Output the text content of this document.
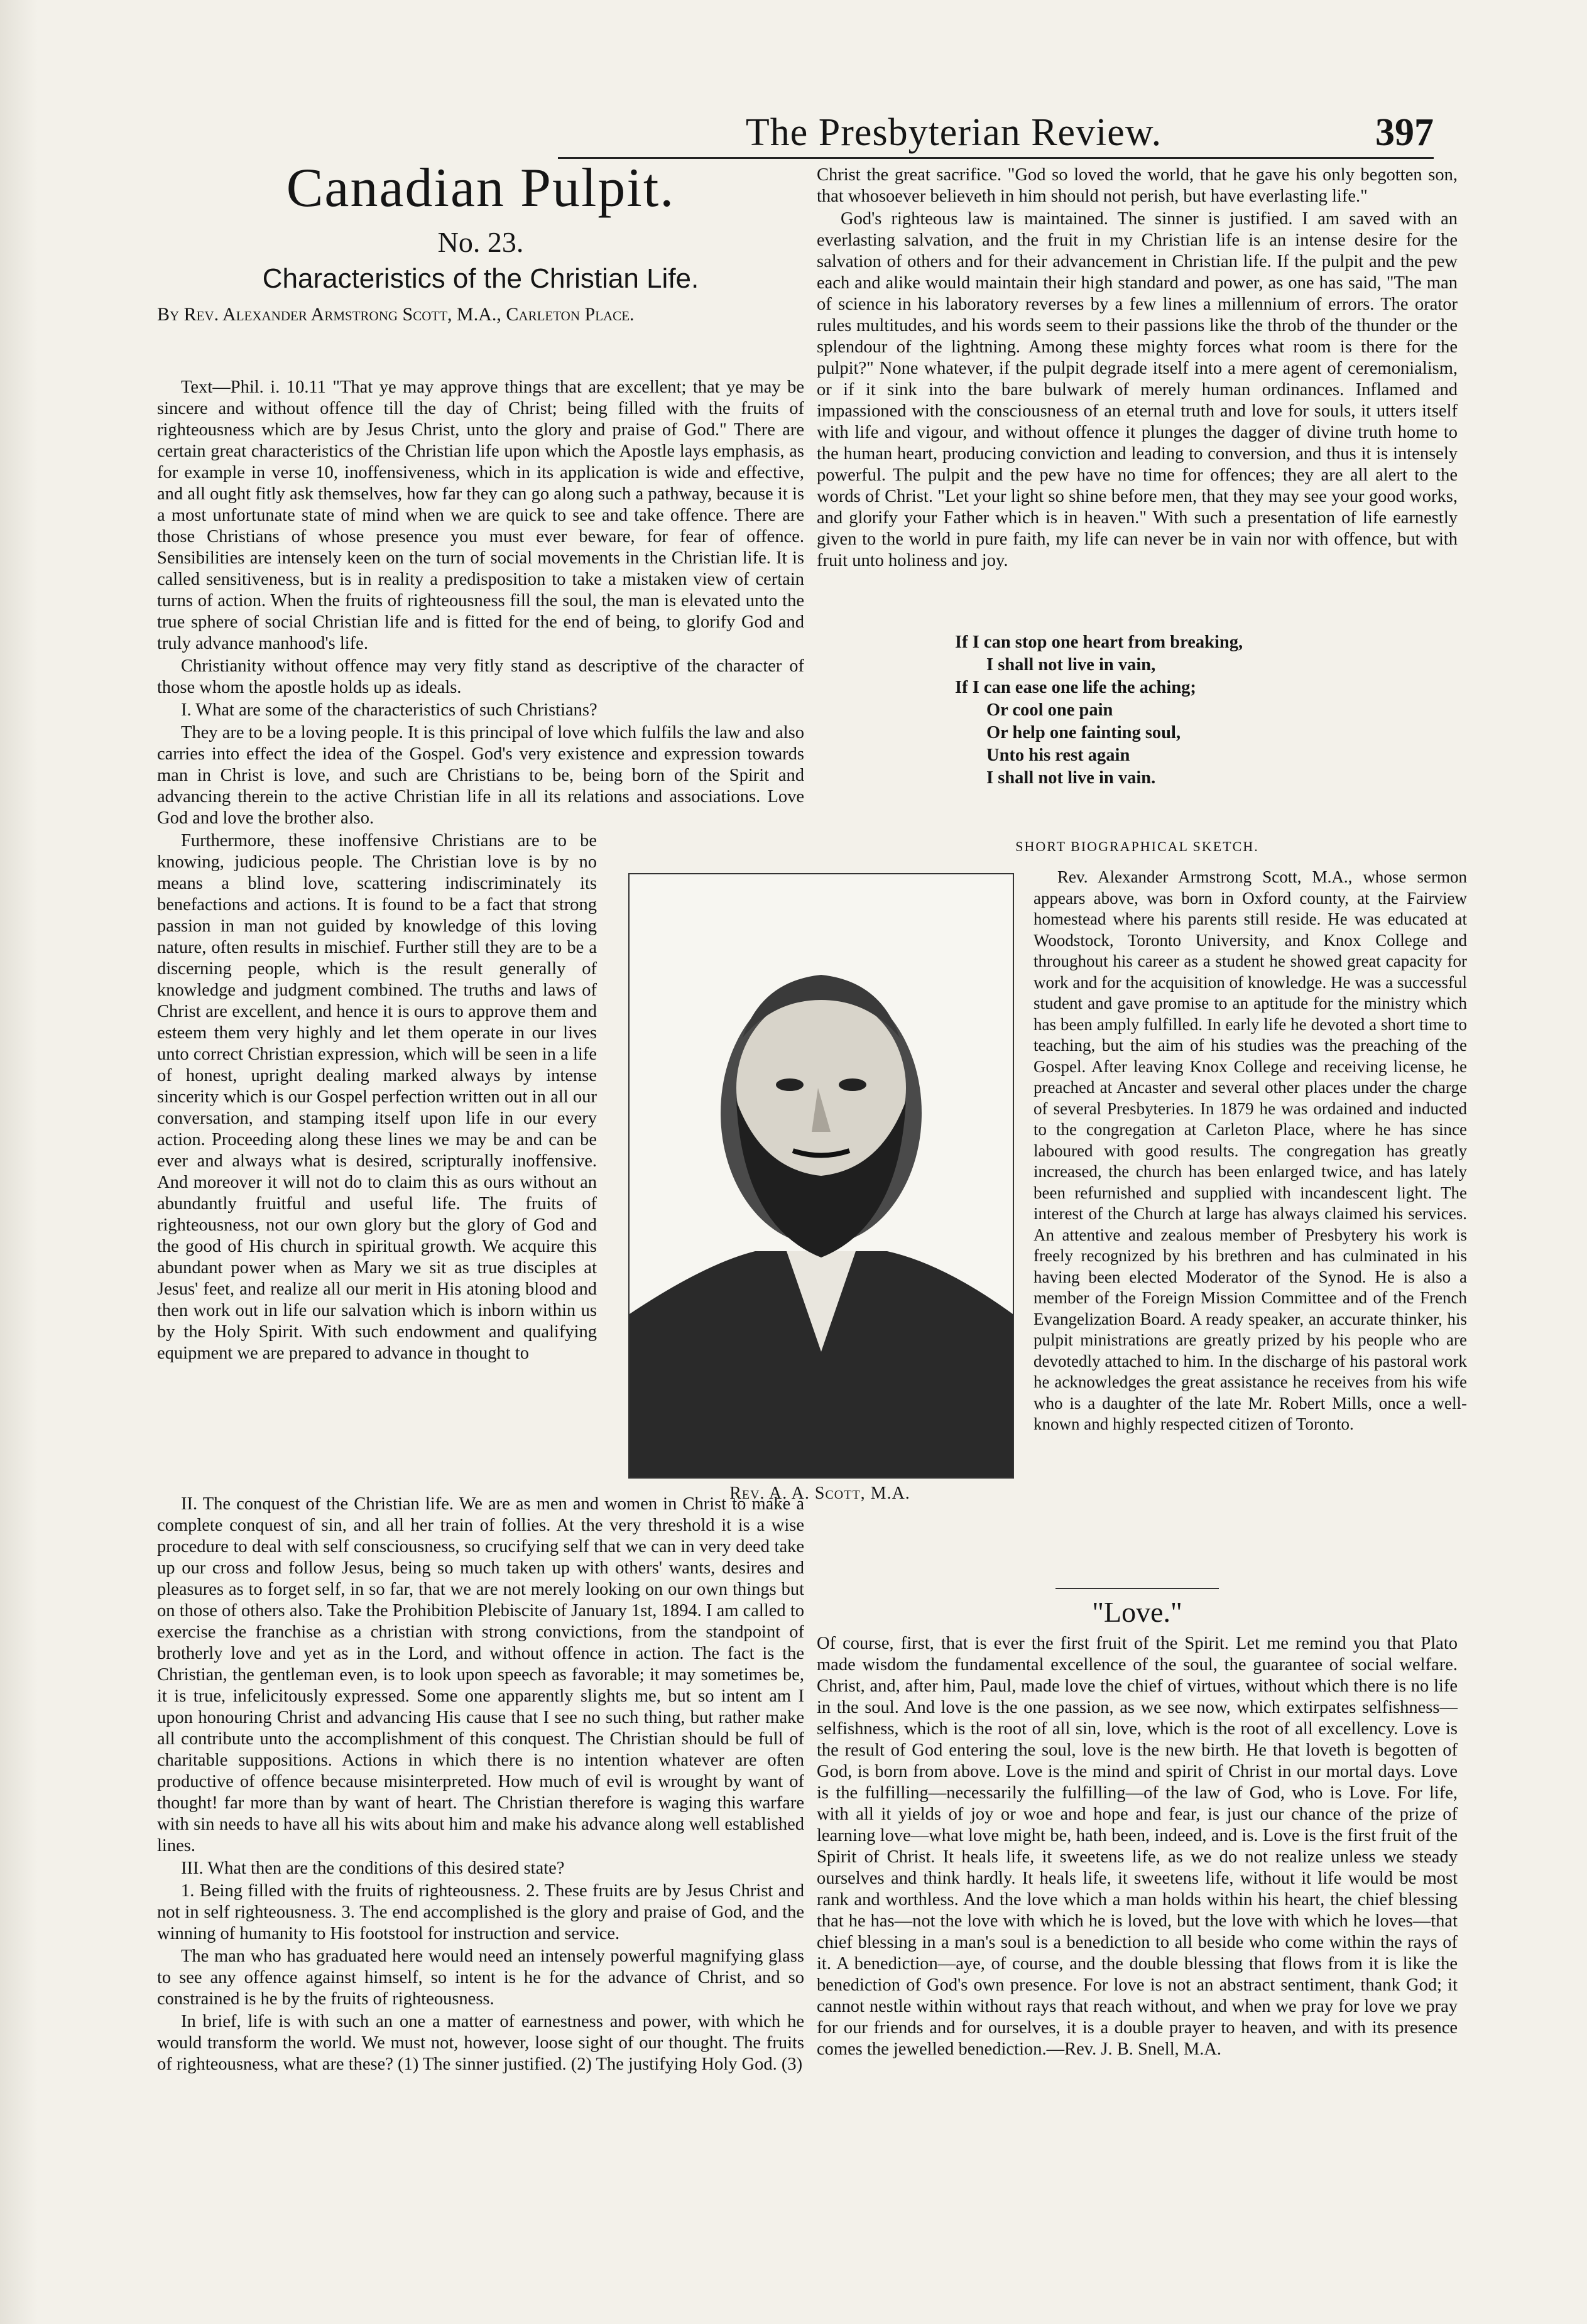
The Presbyterian Review.	397
Canadian Pulpit.
No. 23.
Characteristics of the Christian Life.
By Rev. Alexander Armstrong Scott, M.A., Carleton Place.

Text—Phil. i. 10.11 "That ye may approve things that are excellent; that ye may be sincere and without offence till the day of Christ; being filled with the fruits of righteousness which are by Jesus Christ, unto the glory and praise of God." There are certain great characteristics of the Christian life upon which the Apostle lays emphasis, as for example in verse 10, inoffensiveness, which in its application is wide and effective, and all ought fitly ask themselves, how far they can go along such a pathway, because it is a most unfortunate state of mind when we are quick to see and take offence. There are those Christians of whose presence you must ever beware, for fear of offence. Sensibilities are intensely keen on the turn of social movements in the Christian life. It is called sensitiveness, but is in reality a predisposition to take a mistaken view of certain turns of action. When the fruits of righteousness fill the soul, the man is elevated unto the true sphere of social Christian life and is fitted for the end of being, to glorify God and truly advance manhood's life.

Christianity without offence may very fitly stand as descriptive of the character of those whom the apostle holds up as ideals.

I. What are some of the characteristics of such Christians?

They are to be a loving people. It is this principal of love which fulfils the law and also carries into effect the idea of the Gospel. God's very existence and expression towards man in Christ is love, and such are Christians to be, being born of the Spirit and advancing therein to the active Christian life in all its relations and associations. Love God and love the brother also.

Furthermore, these inoffensive Christians are to be knowing, judicious people. The Christian love is by no means a blind love, scattering indiscriminately its benefactions and actions. It is found to be a fact that strong passion in man not guided by knowledge of this loving nature, often results in mischief. Further still they are to be a discerning people, which is the result generally of knowledge and judgment combined. The truths and laws of Christ are excellent, and hence it is ours to approve them and esteem them very highly and let them operate in our lives unto correct Christian expression, which will be seen in a life of honest, upright dealing marked always by intense sincerity which is our Gospel perfection written out in all our conversation, and stamping itself upon life in our every action. Proceeding along these lines we may be and can be ever and always what is desired, scripturally inoffensive. And moreover it will not do to claim this as ours without an abundantly fruitful and useful life. The fruits of righteousness, not our own glory but the glory of God and the good of His church in spiritual growth. We acquire this abundant power when as Mary we sit as true disciples at Jesus' feet, and realize all our merit in His atoning blood and then work out in life our salvation which is inborn within us by the Holy Spirit. With such endowment and qualifying equipment we are prepared to advance in thought to

II. The conquest of the Christian life. We are as men and women in Christ to make a complete conquest of sin, and all her train of follies. At the very threshold it is a wise procedure to deal with self consciousness, so crucifying self that we can in very deed take up our cross and follow Jesus, being so much taken up with others' wants, desires and pleasures as to forget self, in so far, that we are not merely looking on our own things but on those of others also. Take the Prohibition Plebiscite of January 1st, 1894. I am called to exercise the franchise as a christian with strong convictions, from the standpoint of brotherly love and yet as in the Lord, and without offence in action. The fact is the Christian, the gentleman even, is to look upon speech as favorable; it may sometimes be, it is true, infelicitously expressed. Some one apparently slights me, but so intent am I upon honouring Christ and advancing His cause that I see no such thing, but rather make all contribute unto the accomplishment of this conquest. The Christian should be full of charitable suppositions. Actions in which there is no intention whatever are often productive of offence because misinterpreted. How much of evil is wrought by want of thought! far more than by want of heart. The Christian therefore is waging this warfare with sin needs to have all his wits about him and make his advance along well established lines.

III. What then are the conditions of this desired state?

1. Being filled with the fruits of righteousness. 2. These fruits are by Jesus Christ and not in self righteousness. 3. The end accomplished is the glory and praise of God, and the winning of humanity to His footstool for instruction and service.

The man who has graduated here would need an intensely powerful magnifying glass to see any offence against himself, so intent is he for the advance of Christ, and so constrained is he by the fruits of righteousness.

In brief, life is with such an one a matter of earnestness and power, with which he would transform the world. We must not, however, loose sight of our thought. The fruits of righteousness, what are these? (1) The sinner justified. (2) The justifying Holy God. (3)

Christ the great sacrifice. "God so loved the world, that he gave his only begotten son, that whosoever believeth in him should not perish, but have everlasting life."

God's righteous law is maintained. The sinner is justified. I am saved with an everlasting salvation, and the fruit in my Christian life is an intense desire for the salvation of others and for their advancement in Christian life. If the pulpit and the pew each and alike would maintain their high standard and power, as one has said, "The man of science in his laboratory reverses by a few lines a millennium of errors. The orator rules multitudes, and his words seem to their passions like the throb of the thunder or the splendour of the lightning. Among these mighty forces what room is there for the pulpit?" None whatever, if the pulpit degrade itself into a mere agent of ceremonialism, or if it sink into the bare bulwark of merely human ordinances. Inflamed and impassioned with the consciousness of an eternal truth and love for souls, it utters itself with life and vigour, and without offence it plunges the dagger of divine truth home to the human heart, producing conviction and leading to conversion, and thus it is intensely powerful. The pulpit and the pew have no time for offences; they are all alert to the words of Christ. "Let your light so shine before men, that they may see your good works, and glorify your Father which is in heaven." With such a presentation of life earnestly given to the world in pure faith, my life can never be in vain nor with offence, but with fruit unto holiness and joy.

If I can stop one heart from breaking,
I shall not live in vain,
If I can ease one life the aching;
Or cool one pain
Or help one fainting soul,
Unto his rest again
I shall not live in vain.
SHORT BIOGRAPHICAL SKETCH.
Rev. A. A. Scott, M.A.

Rev. Alexander Armstrong Scott, M.A., whose sermon appears above, was born in Oxford county, at the Fairview homestead where his parents still reside. He was educated at Woodstock, Toronto University, and Knox College and throughout his career as a student he showed great capacity for work and for the acquisition of knowledge. He was a successful student and gave promise to an aptitude for the ministry which has been amply fulfilled. In early life he devoted a short time to teaching, but the aim of his studies was the preaching of the Gospel. After leaving Knox College and receiving license, he preached at Ancaster and several other places under the charge of several Presbyteries. In 1879 he was ordained and inducted to the congregation at Carleton Place, where he has since laboured with good results. The congregation has greatly increased, the church has been enlarged twice, and has lately been refurnished and supplied with incandescent light. The interest of the Church at large has always claimed his services. An attentive and zealous member of Presbytery his work is freely recognized by his brethren and has culminated in his having been elected Moderator of the Synod. He is also a member of the Foreign Mission Committee and of the French Evangelization Board. A ready speaker, an accurate thinker, his pulpit ministrations are greatly prized by his people who are devotedly attached to him. In the discharge of his pastoral work he acknowledges the great assistance he receives from his wife who is a daughter of the late Mr. Robert Mills, once a well-known and highly respected citizen of Toronto.

"Love."

Of course, first, that is ever the first fruit of the Spirit. Let me remind you that Plato made wisdom the fundamental excellence of the soul, the guarantee of social welfare. Christ, and, after him, Paul, made love the chief of virtues, without which there is no life in the soul. And love is the one passion, as we see now, which extirpates selfishness—selfishness, which is the root of all sin, love, which is the root of all excellency. Love is the result of God entering the soul, love is the new birth. He that loveth is begotten of God, is born from above. Love is the mind and spirit of Christ in our mortal days. Love is the fulfilling—necessarily the fulfilling—of the law of God, who is Love. For life, with all it yields of joy or woe and hope and fear, is just our chance of the prize of learning love—what love might be, hath been, indeed, and is. Love is the first fruit of the Spirit of Christ. It heals life, it sweetens life, as we do not realize unless we steady ourselves and think hardly. It heals life, it sweetens life, without it life would be most rank and worthless. And the love which a man holds within his heart, the chief blessing that he has—not the love with which he is loved, but the love with which he loves—that chief blessing in a man's soul is a benediction to all beside who come within the rays of it. A benediction—aye, of course, and the double blessing that flows from it is like the benediction of God's own presence. For love is not an abstract sentiment, thank God; it cannot nestle within without rays that reach without, and when we pray for love we pray for our friends and for ourselves, it is a double prayer to heaven, and with its presence comes the jewelled benediction.—Rev. J. B. Snell, M.A.
